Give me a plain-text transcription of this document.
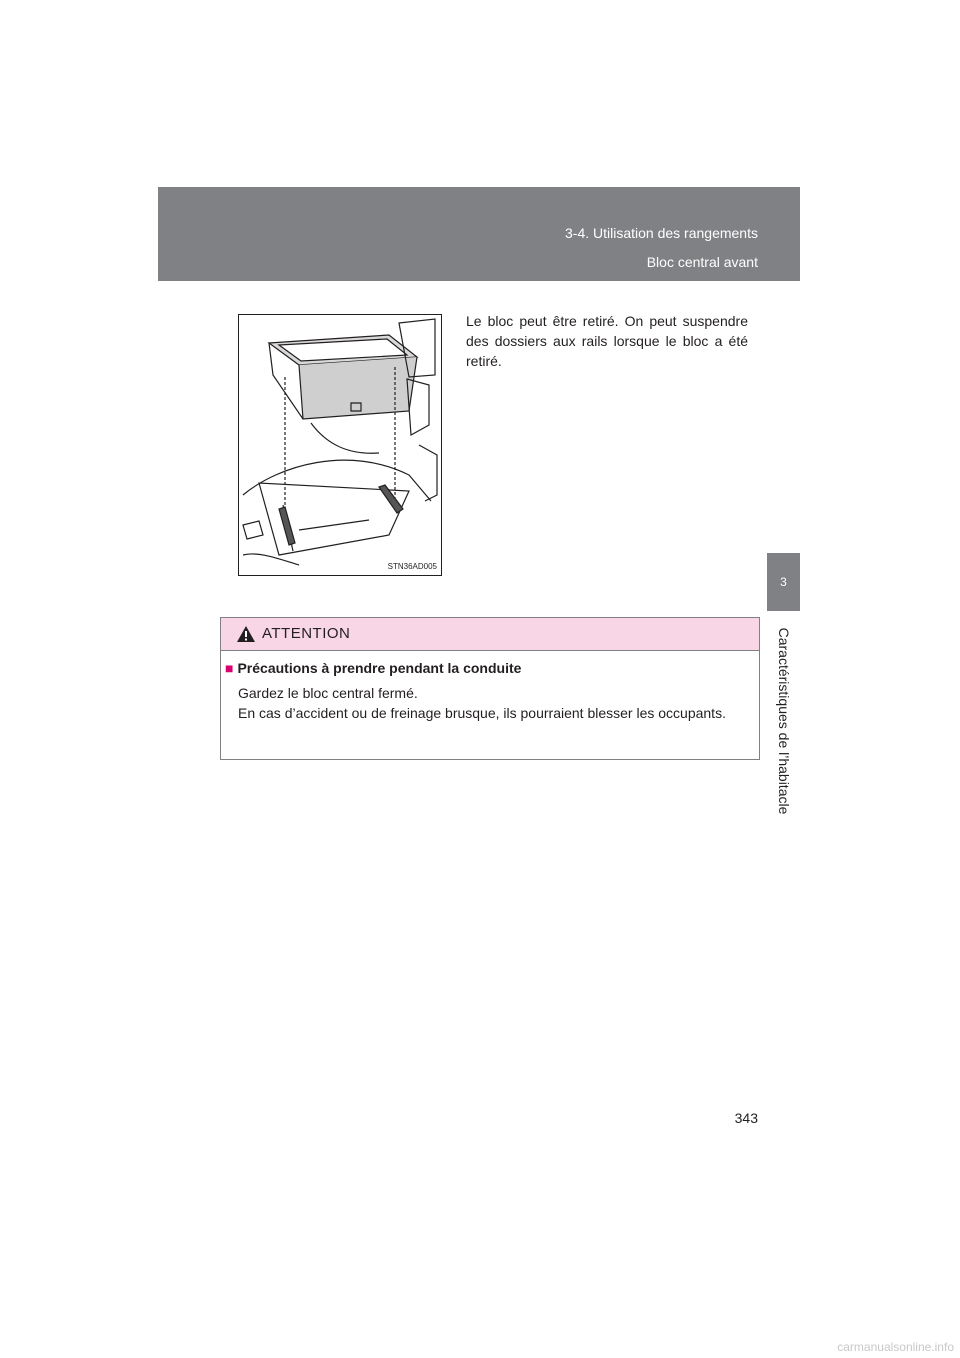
3-4. Utilisation des rangements
Bloc central avant
3
Caractéristiques de l’habitacle
STN36AD005

Le bloc peut être retiré. On peut suspendre des dossiers aux rails lorsque le bloc a été retiré.

ATTENTION
■ Précautions à prendre pendant la conduite
Gardez le bloc central fermé.
En cas d’accident ou de freinage brusque, ils pourraient blesser les occupants.
343
carmanualsonline.info
